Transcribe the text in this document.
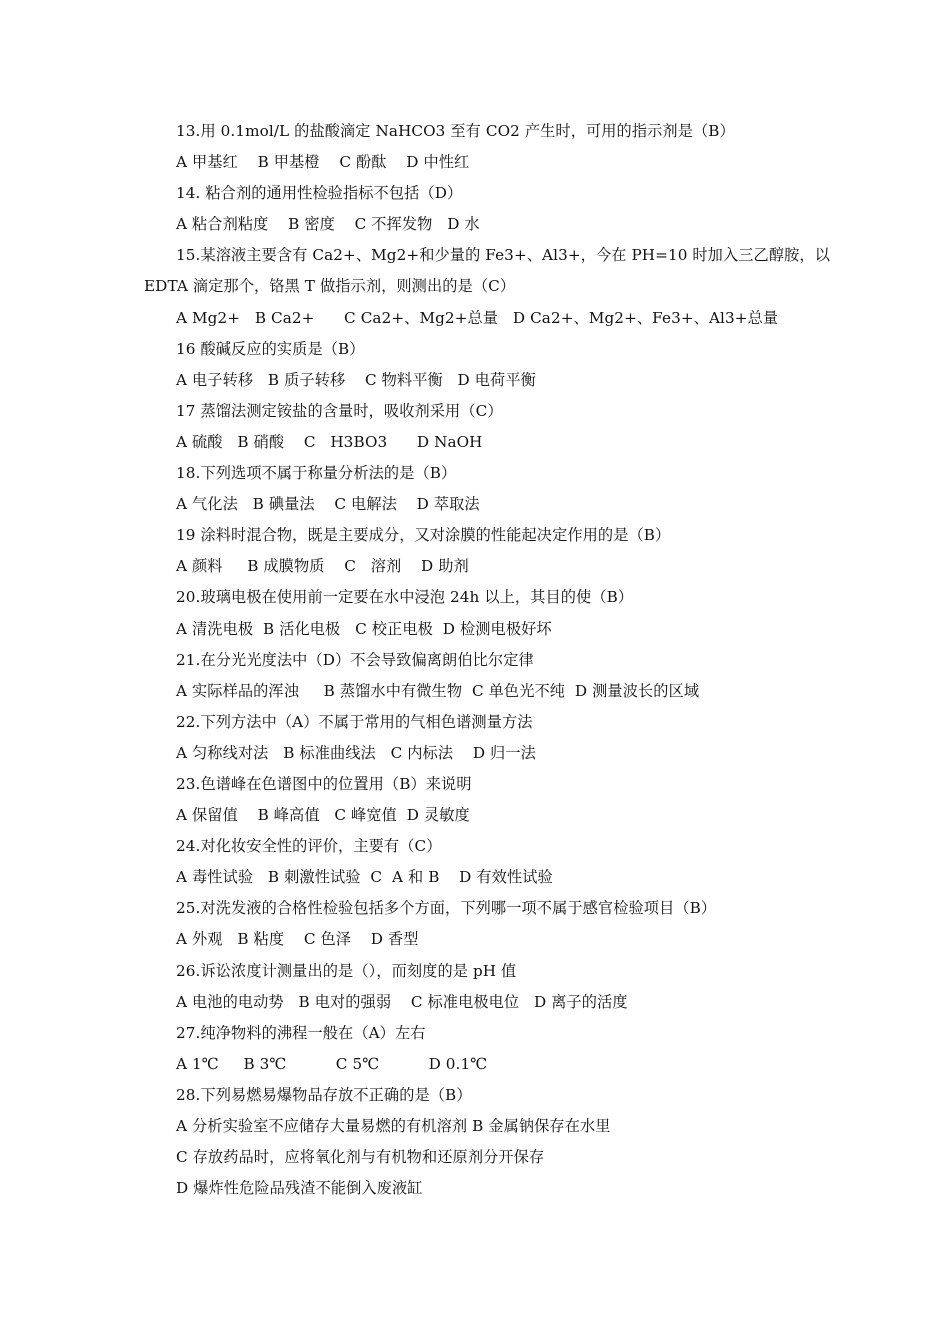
13.用 0.1mol/L 的盐酸滴定 NaHCO3 至有 CO2 产生时，可用的指示剂是（B）
A 甲基红    B 甲基橙    C 酚酞    D 中性红
14. 粘合剂的通用性检验指标不包括（D）
A 粘合剂粘度    B 密度    C 不挥发物   D 水
15.某溶液主要含有 Ca2+、Mg2+和少量的 Fe3+、Al3+，今在 PH=10 时加入三乙醇胺，以
EDTA 滴定那个，铬黑 T 做指示剂，则测出的是（C）
A Mg2+   B Ca2+      C Ca2+、Mg2+总量   D Ca2+、Mg2+、Fe3+、Al3+总量
16 酸碱反应的实质是（B）
A 电子转移   B 质子转移    C 物料平衡   D 电荷平衡
17 蒸馏法测定铵盐的含量时，吸收剂采用（C）
A 硫酸   B 硝酸    C   H3BO3      D NaOH
18.下列选项不属于称量分析法的是（B）
A 气化法   B 碘量法    C 电解法    D 萃取法
19 涂料时混合物，既是主要成分，又对涂膜的性能起决定作用的是（B）
A 颜料     B 成膜物质    C   溶剂    D 助剂
20.玻璃电极在使用前一定要在水中浸泡 24h 以上，其目的使（B）
A 清洗电极  B 活化电极   C 校正电极  D 检测电极好坏
21.在分光光度法中（D）不会导致偏离朗伯比尔定律
A 实际样品的浑浊     B 蒸馏水中有微生物  C 单色光不纯  D 测量波长的区域
22.下列方法中（A）不属于常用的气相色谱测量方法
A 匀称线对法   B 标准曲线法   C 内标法    D 归一法
23.色谱峰在色谱图中的位置用（B）来说明
A 保留值    B 峰高值   C 峰宽值  D 灵敏度
24.对化妆安全性的评价，主要有（C）
A 毒性试验   B 刺激性试验  C  A 和 B    D 有效性试验
25.对洗发液的合格性检验包括多个方面，下列哪一项不属于感官检验项目（B）
A 外观   B 粘度    C 色泽    D 香型
26.诉讼浓度计测量出的是（），而刻度的是 pH 值
A 电池的电动势   B 电对的强弱    C 标准电极电位   D 离子的活度
27.纯净物料的沸程一般在（A）左右
A 1℃     B 3℃          C 5℃          D 0.1℃
28.下列易燃易爆物品存放不正确的是（B）
A 分析实验室不应储存大量易燃的有机溶剂 B 金属钠保存在水里
C 存放药品时，应将氧化剂与有机物和还原剂分开保存
D 爆炸性危险品残渣不能倒入废液缸
